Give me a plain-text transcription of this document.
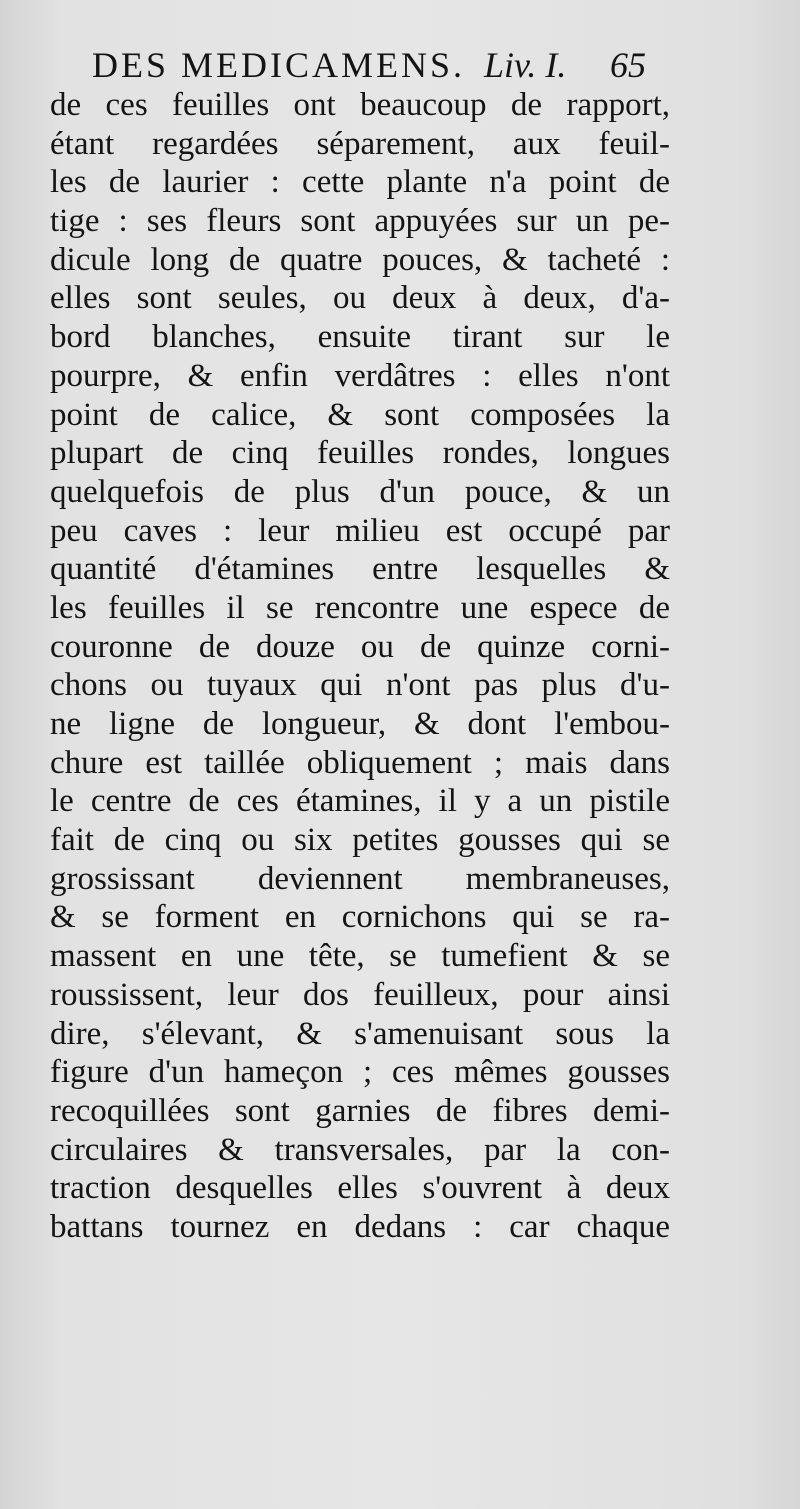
DES MEDICAMENS. Liv. I. 65
de ces feuilles ont beaucoup de rapport,
étant regardées séparement, aux feuil-
les de laurier : cette plante n'a point de
tige : ses fleurs sont appuyées sur un pe-
dicule long de quatre pouces, & tacheté :
elles sont seules, ou deux à deux, d'a-
bord blanches, ensuite tirant sur le
pourpre, & enfin verdâtres : elles n'ont
point de calice, & sont composées la
plupart de cinq feuilles rondes, longues
quelquefois de plus d'un pouce, & un
peu caves : leur milieu est occupé par
quantité d'étamines entre lesquelles &
les feuilles il se rencontre une espece de
couronne de douze ou de quinze corni-
chons ou tuyaux qui n'ont pas plus d'u-
ne ligne de longueur, & dont l'embou-
chure est taillée obliquement ; mais dans
le centre de ces étamines, il y a un pistile
fait de cinq ou six petites gousses qui se
grossissant deviennent membraneuses,
& se forment en cornichons qui se ra-
massent en une tête, se tumefient & se
roussissent, leur dos feuilleux, pour ainsi
dire, s'élevant, & s'amenuisant sous la
figure d'un hameçon ; ces mêmes gousses
recoquillées sont garnies de fibres demi-
circulaires & transversales, par la con-
traction desquelles elles s'ouvrent à deux
battans tournez en dedans : car chaque
